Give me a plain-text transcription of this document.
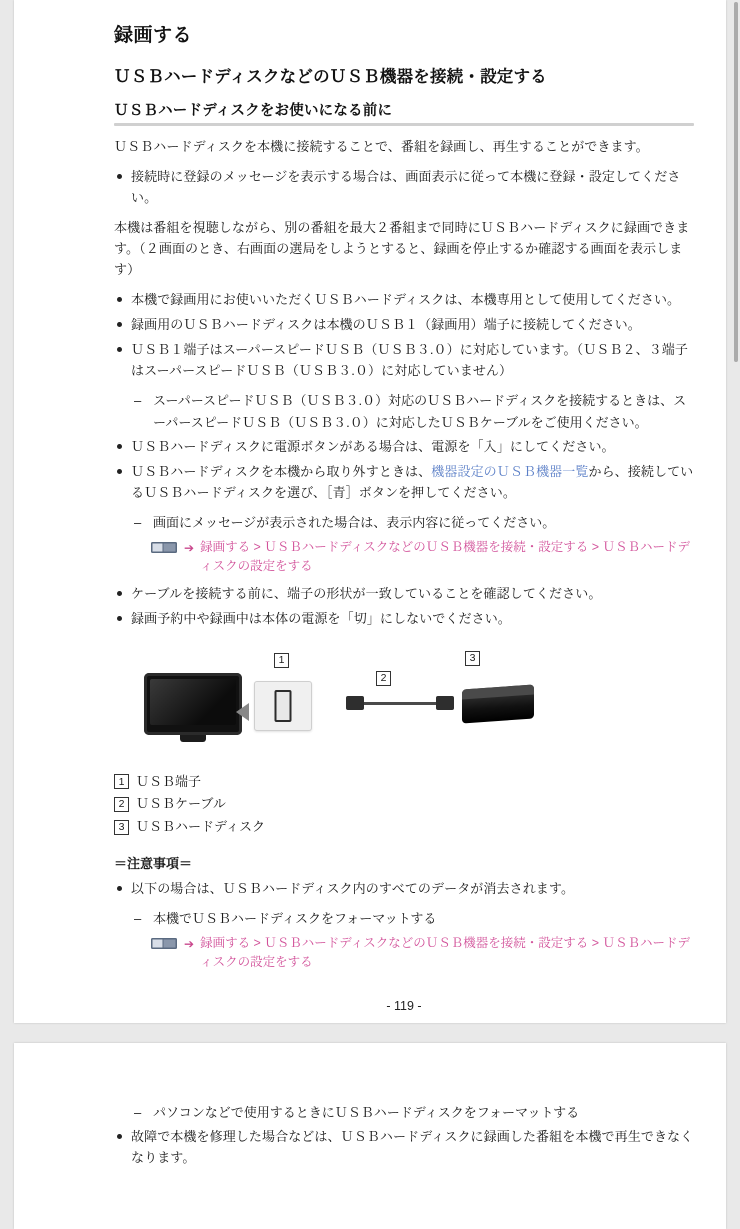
録画する
ＵＳＢハードディスクなどのＵＳＢ機器を接続・設定する
ＵＳＢハードディスクをお使いになる前に

ＵＳＢハードディスクを本機に接続することで、番組を録画し、再生することができます。

接続時に登録のメッセージを表示する場合は、画面表示に従って本機に登録・設定してください。

本機は番組を視聴しながら、別の番組を最大２番組まで同時にＵＳＢハードディスクに録画できます。（２画面のとき、右画面の選局をしようとすると、録画を停止するか確認する画面を表示します）

本機で録画用にお使いいただくＵＳＢハードディスクは、本機専用として使用してください。
録画用のＵＳＢハードディスクは本機のＵＳＢ１（録画用）端子に接続してください。
ＵＳＢ１端子はスーパースピードＵＳＢ（ＵＳＢ３.０）に対応しています。（ＵＳＢ２、３端子はスーパースピードＵＳＢ（ＵＳＢ３.０）に対応していません）
– スーパースピードＵＳＢ（ＵＳＢ３.０）対応のＵＳＢハードディスクを接続するときは、スーパースピードＵＳＢ（ＵＳＢ３.０）に対応したＵＳＢケーブルをご使用ください。
ＵＳＢハードディスクに電源ボタンがある場合は、電源を「入」にしてください。
ＵＳＢハードディスクを本機から取り外すときは、機器設定のＵＳＢ機器一覧から、接続しているＵＳＢハードディスクを選び、［青］ボタンを押してください。
– 画面にメッセージが表示された場合は、表示内容に従ってください。
➔ 録画する > ＵＳＢハードディスクなどのＵＳＢ機器を接続・設定する > ＵＳＢハードディスクの設定をする
ケーブルを接続する前に、端子の形状が一致していることを確認してください。
録画予約中や録画中は本体の電源を「切」にしないでください。
1
2
3
1 ＵＳＢ端子
2 ＵＳＢケーブル
3 ＵＳＢハードディスク
＝注意事項＝
以下の場合は、ＵＳＢハードディスク内のすべてのデータが消去されます。
– 本機でＵＳＢハードディスクをフォーマットする
➔ 録画する > ＵＳＢハードディスクなどのＵＳＢ機器を接続・設定する > ＵＳＢハードディスクの設定をする
- 119 -
– パソコンなどで使用するときにＵＳＢハードディスクをフォーマットする
故障で本機を修理した場合などは、ＵＳＢハードディスクに録画した番組を本機で再生できなくなります。
